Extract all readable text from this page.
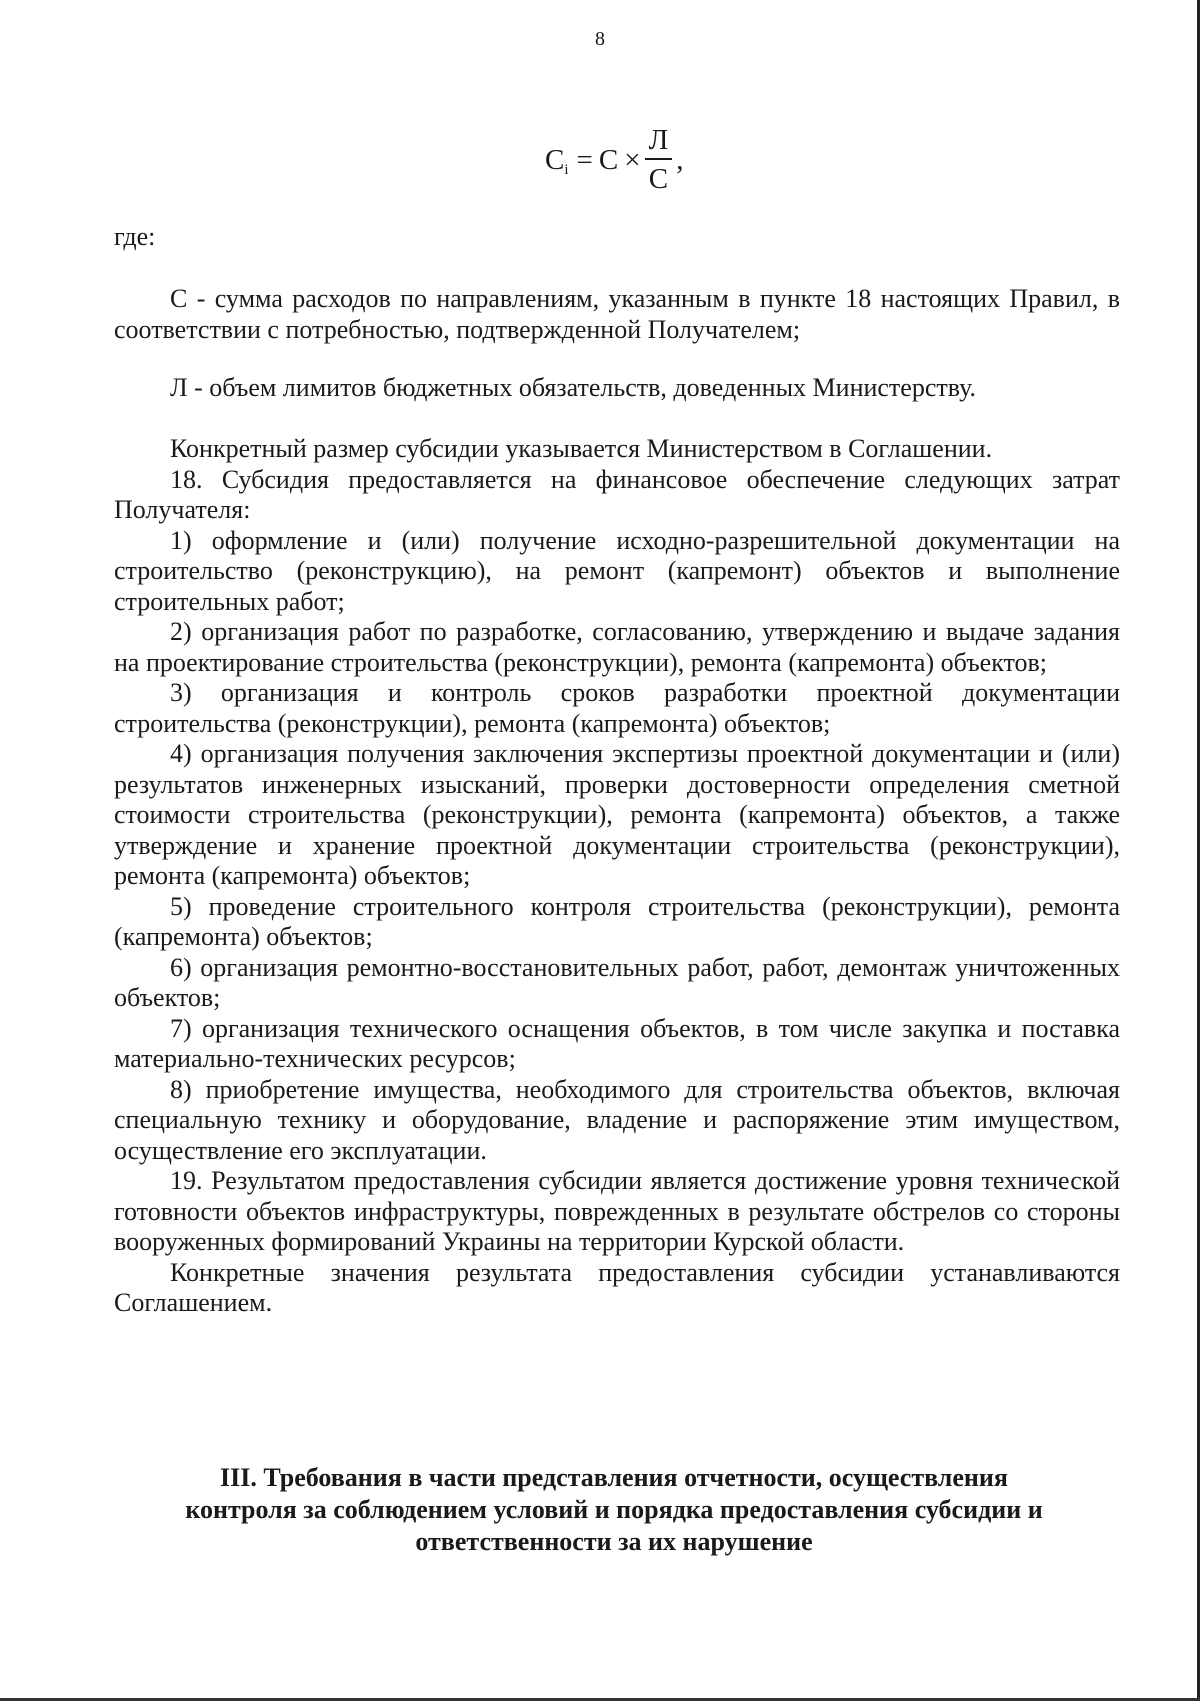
8
C $i = C \times \frac{Л}{C}$ ,

где:

C - сумма расходов по направлениям, указанным в пункте 18 настоящих Правил, в соответствии с потребностью, подтвержденной Получателем;

Л - объем лимитов бюджетных обязательств, доведенных Министерству.

Конкретный размер субсидии указывается Министерством в Соглашении.

18. Субсидия предоставляется на финансовое обеспечение следующих затрат Получателя:

1) оформление и (или) получение исходно-разрешительной документации на строительство (реконструкцию), на ремонт (капремонт) объектов и выполнение строительных работ;

2) организация работ по разработке, согласованию, утверждению и выдаче задания на проектирование строительства (реконструкции), ремонта (капремонта) объектов;

3) организация и контроль сроков разработки проектной документации строительства (реконструкции), ремонта (капремонта) объектов;

4) организация получения заключения экспертизы проектной документации и (или) результатов инженерных изысканий, проверки достоверности определения сметной стоимости строительства (реконструкции), ремонта (капремонта) объектов, а также утверждение и хранение проектной документации строительства (реконструкции), ремонта (капремонта) объектов;

5) проведение строительного контроля строительства (реконструкции), ремонта (капремонта) объектов;

6) организация ремонтно-восстановительных работ, работ, демонтаж уничтоженных объектов;

7) организация технического оснащения объектов, в том числе закупка и поставка материально-технических ресурсов;

8) приобретение имущества, необходимого для строительства объектов, включая специальную технику и оборудование, владение и распоряжение этим имуществом, осуществление его эксплуатации.

19. Результатом предоставления субсидии является достижение уровня технической готовности объектов инфраструктуры, поврежденных в результате обстрелов со стороны вооруженных формирований Украины на территории Курской области.

Конкретные значения результата предоставления субсидии устанавливаются Соглашением.

III. Требования в части представления отчетности, осуществления
контроля за соблюдением условий и порядка предоставления субсидии и
ответственности за их нарушение
